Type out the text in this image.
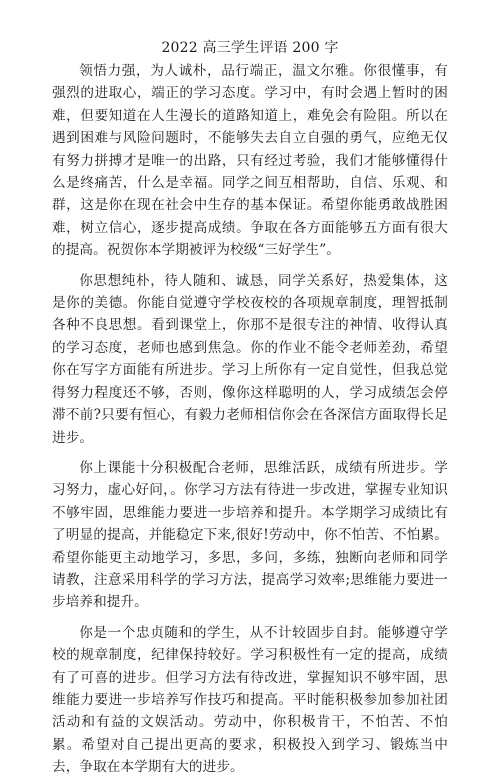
2022 高三学生评语 200 字

领悟力强，为人诚朴，品行端正，温文尔雅。你很懂事，有强烈的进取心，端正的学习态度。学习中，有时会遇上暂时的困难，但要知道在人生漫长的道路知道上，难免会有险阻。所以在遇到困难与风险问题时，不能够失去自立自强的勇气，应绝无仅有努力拼搏才是唯一的出路，只有经过考验，我们才能够懂得什么是终痛苦，什么是幸福。同学之间互相帮助，自信、乐观、和群，这是你在现在社会中生存的基本保证。希望你能勇敢战胜困难，树立信心，逐步提高成绩。争取在各方面能够五方面有很大的提高。祝贺你本学期被评为校级“三好学生”。

你思想纯朴，待人随和、诚恳，同学关系好，热爱集体，这是你的美德。你能自觉遵守学校夜校的各项规章制度，理智抵制各种不良思想。看到课堂上，你那不是很专注的神情、收得认真的学习态度，老师也感到焦急。你的作业不能令老师差劲，希望你在写字方面能有所进步。学习上所你有一定自觉性，但我总觉得努力程度还不够，否则，像你这样聪明的人，学习成绩怎会停滞不前?只要有恒心，有毅力老师相信你会在各深信方面取得长足进步。

你上课能十分积极配合老师，思维活跃，成绩有所进步。学习努力，虚心好问，。你学习方法有待进一步改进，掌握专业知识不够牢固，思维能力要进一步培养和提升。本学期学习成绩比有了明显的提高，并能稳定下来,很好!劳动中，你不怕苦、不怕累。希望你能更主动地学习，多思，多问，多练，独断向老师和同学请教，注意采用科学的学习方法，提高学习效率;思维能力要进一步培养和提升。

你是一个忠贞随和的学生，从不计较固步自封。能够遵守学校的规章制度，纪律保持较好。学习积极性有一定的提高，成绩有了可喜的进步。但学习方法有待改进，掌握知识不够牢固，思维能力要进一步培养写作技巧和提高。平时能积极参加参加社团活动和有益的文娱活动。劳动中，你积极肯干，不怕苦、不怕累。希望对自己提出更高的要求，积极投入到学习、锻炼当中去，争取在本学期有大的进步。
